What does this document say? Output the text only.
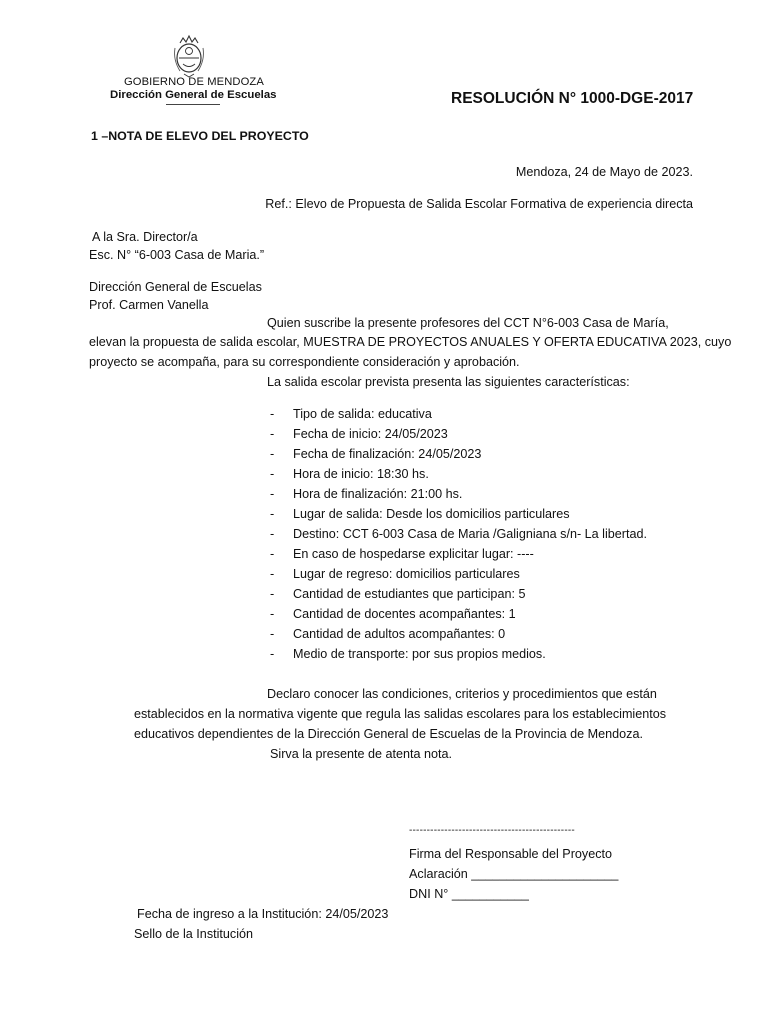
GOBIERNO DE MENDOZA
Dirección General de Escuelas	RESOLUCIÓN N° 1000-DGE-2017
1 –NOTA DE ELEVO DEL PROYECTO
Mendoza, 24 de Mayo de 2023.
Ref.: Elevo de Propuesta de Salida Escolar Formativa de experiencia directa
A la Sra. Director/a
Esc. N° “6-003 Casa de Maria.”
Dirección General de Escuelas
Prof. Carmen Vanella
Quien suscribe la presente profesores del CCT N°6-003 Casa de María,
elevan la propuesta de salida escolar, MUESTRA DE PROYECTOS ANUALES Y OFERTA EDUCATIVA 2023, cuyo
proyecto se acompaña, para su correspondiente consideración y aprobación.
La salida escolar prevista presenta las siguientes características:
- Tipo de salida: educativa
- Fecha de inicio: 24/05/2023
- Fecha de finalización: 24/05/2023
- Hora de inicio: 18:30 hs.
- Hora de finalización: 21:00 hs.
- Lugar de salida: Desde los domicilios particulares
- Destino: CCT 6-003 Casa de Maria /Galigniana s/n- La libertad.
- En caso de hospedarse explicitar lugar: ----
- Lugar de regreso: domicilios particulares
- Cantidad de estudiantes que participan: 5
- Cantidad de docentes acompañantes: 1
- Cantidad de adultos acompañantes: 0
- Medio de transporte: por sus propios medios.
Declaro conocer las condiciones, criterios y procedimientos que están
establecidos en la normativa vigente que regula las salidas escolares para los establecimientos
educativos dependientes de la Dirección General de Escuelas de la Provincia de Mendoza.
Sirva la presente de atenta nota.
-----------------------------------------------
Firma del Responsable del Proyecto
Aclaración _____________________
DNI N° ___________
Fecha de ingreso a la Institución: 24/05/2023
Sello de la Institución
